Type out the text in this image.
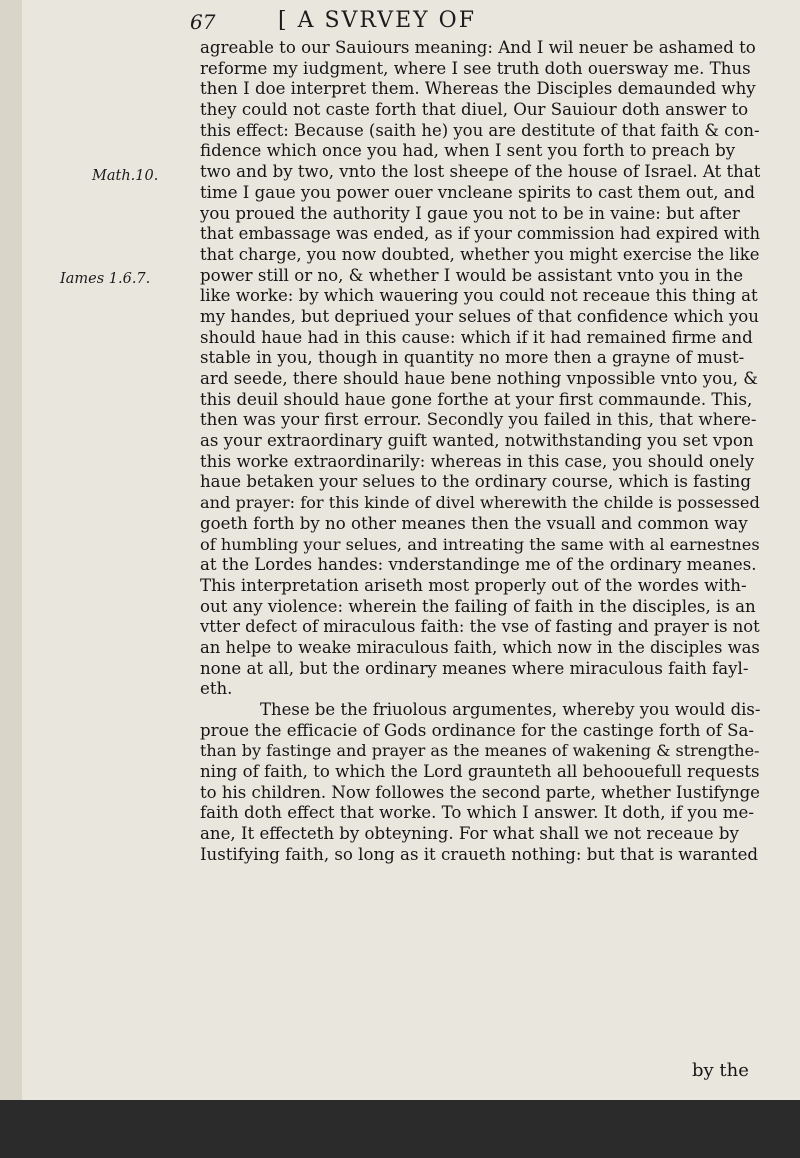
67	[ A SVRVEY OF
Math.10.
Iames 1.6.7.
agreable to our Sauiours meaning: And I wil neuer be ashamed to
reforme my iudgment, where I see truth doth ouersway me. Thus
then I doe interpret them. Whereas the Disciples demaunded why
they could not caste forth that diuel, Our Sauiour doth answer to
this effect: Because (saith he) you are destitute of that faith & con-
fidence which once you had, when I sent you forth to preach by
two and by two, vnto the lost sheepe of the house of Israel. At that
time I gaue you power ouer vncleane spirits to cast them out, and
you proued the authority I gaue you not to be in vaine: but after
that embassage was ended, as if your commission had expired with
that charge, you now doubted, whether you might exercise the like
power still or no, & whether I would be assistant vnto you in the
like worke: by which wauering you could not receaue this thing at
my handes, but depriued your selues of that confidence which you
should haue had in this cause: which if it had remained firme and
stable in you, though in quantity no more then a grayne of must-
ard seede, there should haue bene nothing vnpossible vnto you, &
this deuil should haue gone forthe at your first commaunde. This,
then was your first errour. Secondly you failed in this, that where-
as your extraordinary guift wanted, notwithstanding you set vpon
this worke extraordinarily: whereas in this case, you should onely
haue betaken your selues to the ordinary course, which is fasting
and prayer: for this kinde of divel wherewith the childe is possessed
goeth forth by no other meanes then the vsuall and common way
of humbling your selues, and intreating the same with al earnestnes
at the Lordes handes: vnderstandinge me of the ordinary meanes.
This interpretation ariseth most properly out of the wordes with-
out any violence: wherein the failing of faith in the disciples, is an
vtter defect of miraculous faith: the vse of fasting and prayer is not
an helpe to weake miraculous faith, which now in the disciples was
none at all, but the ordinary meanes where miraculous faith fayl-
eth.
These be the friuolous argumentes, whereby you would dis-
proue the efficacie of Gods ordinance for the castinge forth of Sa-
than by fastinge and prayer as the meanes of wakening & strengthe-
ning of faith, to which the Lord graunteth all behoouefull requests
to his children. Now followes the second parte, whether Iustifynge
faith doth effect that worke. To which I answer. It doth, if you me-
ane, It effecteth by obteyning. For what shall we not receaue by
Iustifying faith, so long as it craueth nothing: but that is waranted
by the
